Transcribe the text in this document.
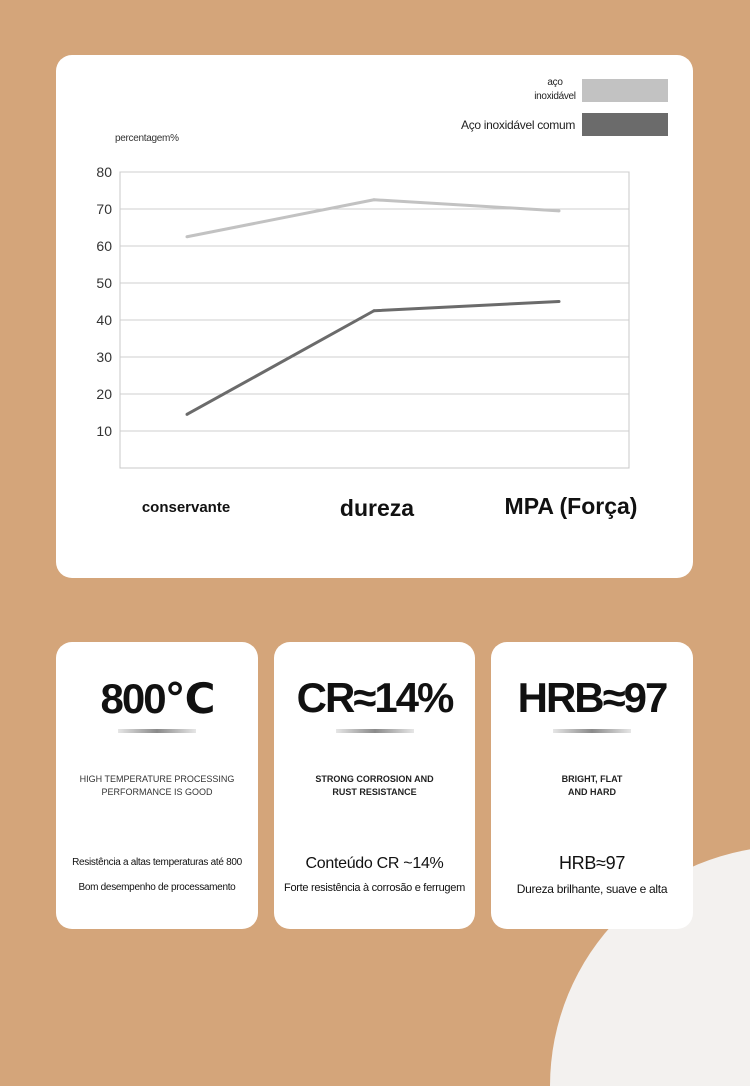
aço
inoxidável
Aço inoxidável comum
percentagem%
10
20
30
40
50
60
70
80
conservante	dureza	MPA (Força)
800℃
HIGH TEMPERATURE PROCESSING
PERFORMANCE IS GOOD
Resistência a altas temperaturas até 800
Bom desempenho de processamento
CR≈14%
STRONG CORROSION AND
RUST RESISTANCE
Conteúdo CR ~14%
Forte resistência à corrosão e ferrugem
HRB≈97
BRIGHT, FLAT
AND HARD
HRB≈97
Dureza brilhante, suave e alta
